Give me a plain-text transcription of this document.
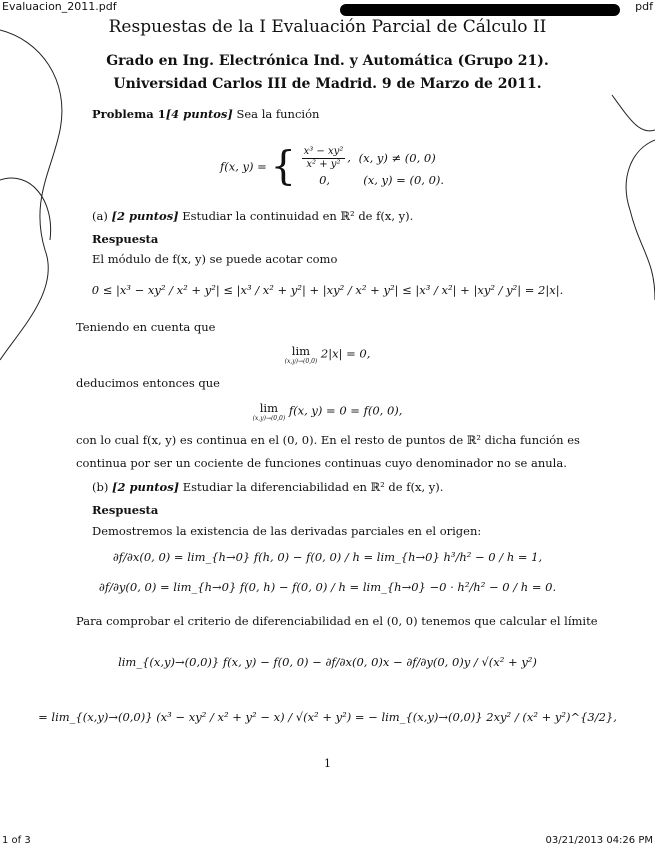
Evaluacion_2011.pdf	pdf
Respuestas de la I Evaluación Parcial de Cálculo II
Grado en Ing. Electrónica Ind. y Automática (Grupo 21).
Universidad Carlos III de Madrid. 9 de Marzo de 2011.
Problema 1[4 puntos] Sea la función
f(x, y) = { $\frac{\text{x³ − xy²}}{\text{x² + y²}}$ , (x, y) ≠ (0, 0)
0,	(x, y) = (0, 0).
(a) [2 puntos] Estudiar la continuidad en ℝ² de f(x, y).
Respuesta
El módulo de f(x, y) se puede acotar como
0 ≤ |x³ − xy² / x² + y²| ≤ |x³ / x² + y²| + |xy² / x² + y²| ≤ |x³ / x²| + |xy² / y²| = 2|x|.
Teniendo en cuenta que
lim
(x,y)→(0,0)
2|x| = 0,
deducimos entonces que
lim
(x,y)→(0,0)
f(x, y) = 0 = f(0, 0),
con lo cual f(x, y) es continua en el (0, 0). En el resto de puntos de ℝ² dicha función es
continua por ser un cociente de funciones continuas cuyo denominador no se anula.
(b) [2 puntos] Estudiar la diferenciabilidad en ℝ² de f(x, y).
Respuesta
Demostremos la existencia de las derivadas parciales en el origen:
∂f/∂x(0, 0) = lim_{h→0} f(h, 0) − f(0, 0) / h = lim_{h→0} h³/h² − 0 / h = 1,
∂f/∂y(0, 0) = lim_{h→0} f(0, h) − f(0, 0) / h = lim_{h→0} −0 · h²/h² − 0 / h = 0.
Para comprobar el criterio de diferenciabilidad en el (0, 0) tenemos que calcular el límite
lim_{(x,y)→(0,0)} f(x, y) − f(0, 0) − ∂f/∂x(0, 0)x − ∂f/∂y(0, 0)y / √(x² + y²)
= lim_{(x,y)→(0,0)} (x³ − xy² / x² + y² − x) / √(x² + y²) = − lim_{(x,y)→(0,0)} 2xy² / (x² + y²)^{3/2},
1
1 of 3	03/21/2013 04:26 PM
